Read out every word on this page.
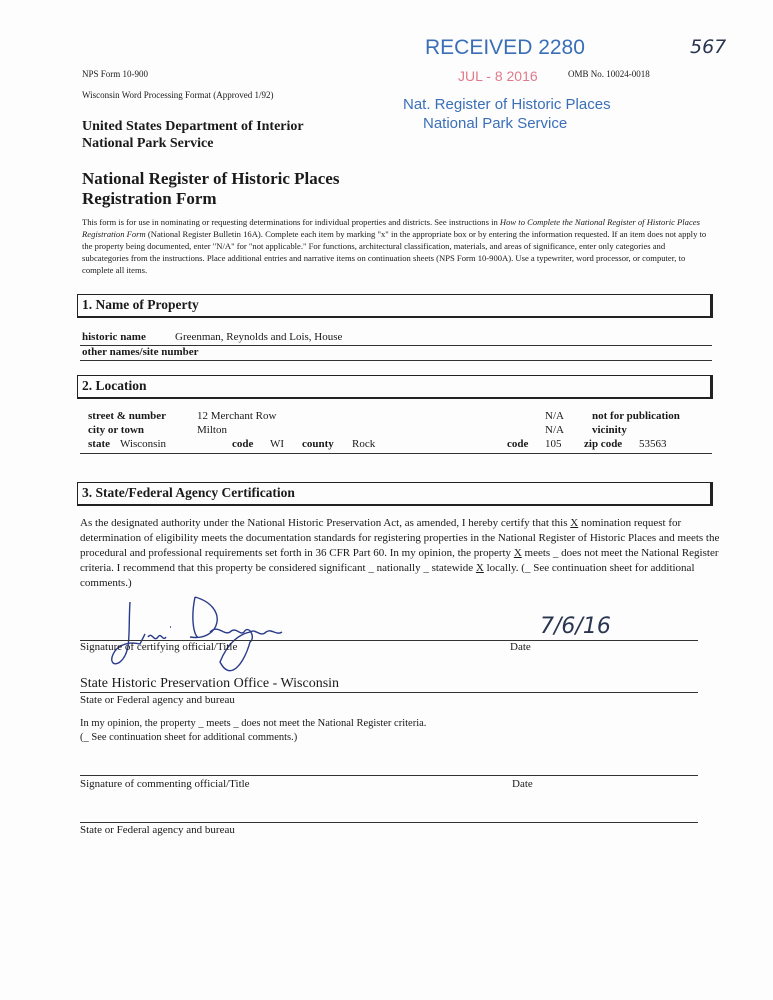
NPS Form 10-900
Wisconsin Word Processing Format (Approved 1/92)
United States Department of Interior
National Park Service
RECEIVED 2280	567
JUL - 8 2016	OMB No. 10024-0018
Nat. Register of Historic Places
National Park Service
National Register of Historic Places
Registration Form
This form is for use in nominating or requesting determinations for individual properties and districts. See instructions in How to Complete the National Register of Historic Places Registration Form (National Register Bulletin 16A). Complete each item by marking "x" in the appropriate box or by entering the information requested. If an item does not apply to the property being documented, enter "N/A" for "not applicable." For functions, architectural classification, materials, and areas of significance, enter only categories and subcategories from the instructions. Place additional entries and narrative items on continuation sheets (NPS Form 10-900A). Use a typewriter, word processor, or computer, to complete all items.
1. Name of Property
historic name	Greenman, Reynolds and Lois, House
other names/site number
2. Location
street & number	12 Merchant Row	N/A	not for publication
city or town	Milton	N/A	vicinity
state Wisconsin	code WI county Rock	code 105 zip code 53563
3. State/Federal Agency Certification
As the designated authority under the National Historic Preservation Act, as amended, I hereby certify that this X nomination request for determination of eligibility meets the documentation standards for registering properties in the National Register of Historic Places and meets the procedural and professional requirements set forth in 36 CFR Part 60. In my opinion, the property X meets _ does not meet the National Register criteria. I recommend that this property be considered significant _ nationally _ statewide X locally. (_ See continuation sheet for additional comments.)
Signature of certifying official/Title	Date
7/6/16
State Historic Preservation Office - Wisconsin
State or Federal agency and bureau
In my opinion, the property _ meets _ does not meet the National Register criteria.
(_ See continuation sheet for additional comments.)
Signature of commenting official/Title	Date
State or Federal agency and bureau
